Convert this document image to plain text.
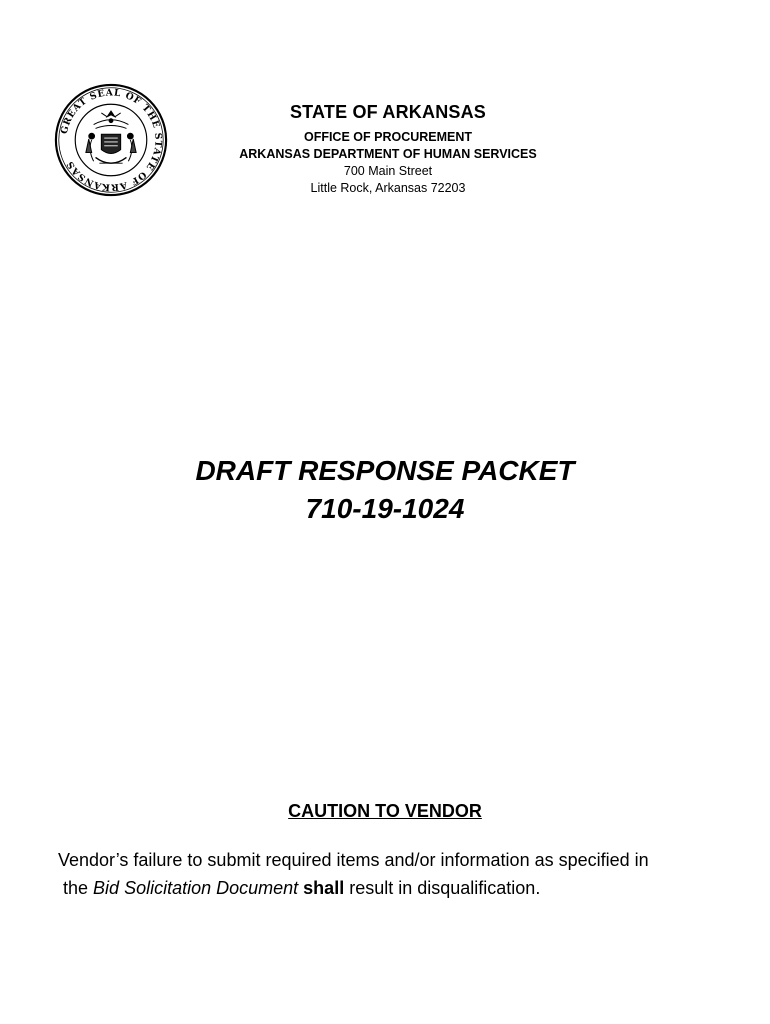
GREAT SEAL OF THE STATE OF ARKANSAS
STATE OF ARKANSAS
OFFICE OF PROCUREMENT
ARKANSAS DEPARTMENT OF HUMAN SERVICES
700 Main Street
Little Rock, Arkansas 72203
DRAFT RESPONSE PACKET
710-19-1024
CAUTION TO VENDOR
Vendor’s failure to submit required items and/or information as specified in
the Bid Solicitation Document shall result in disqualification.
